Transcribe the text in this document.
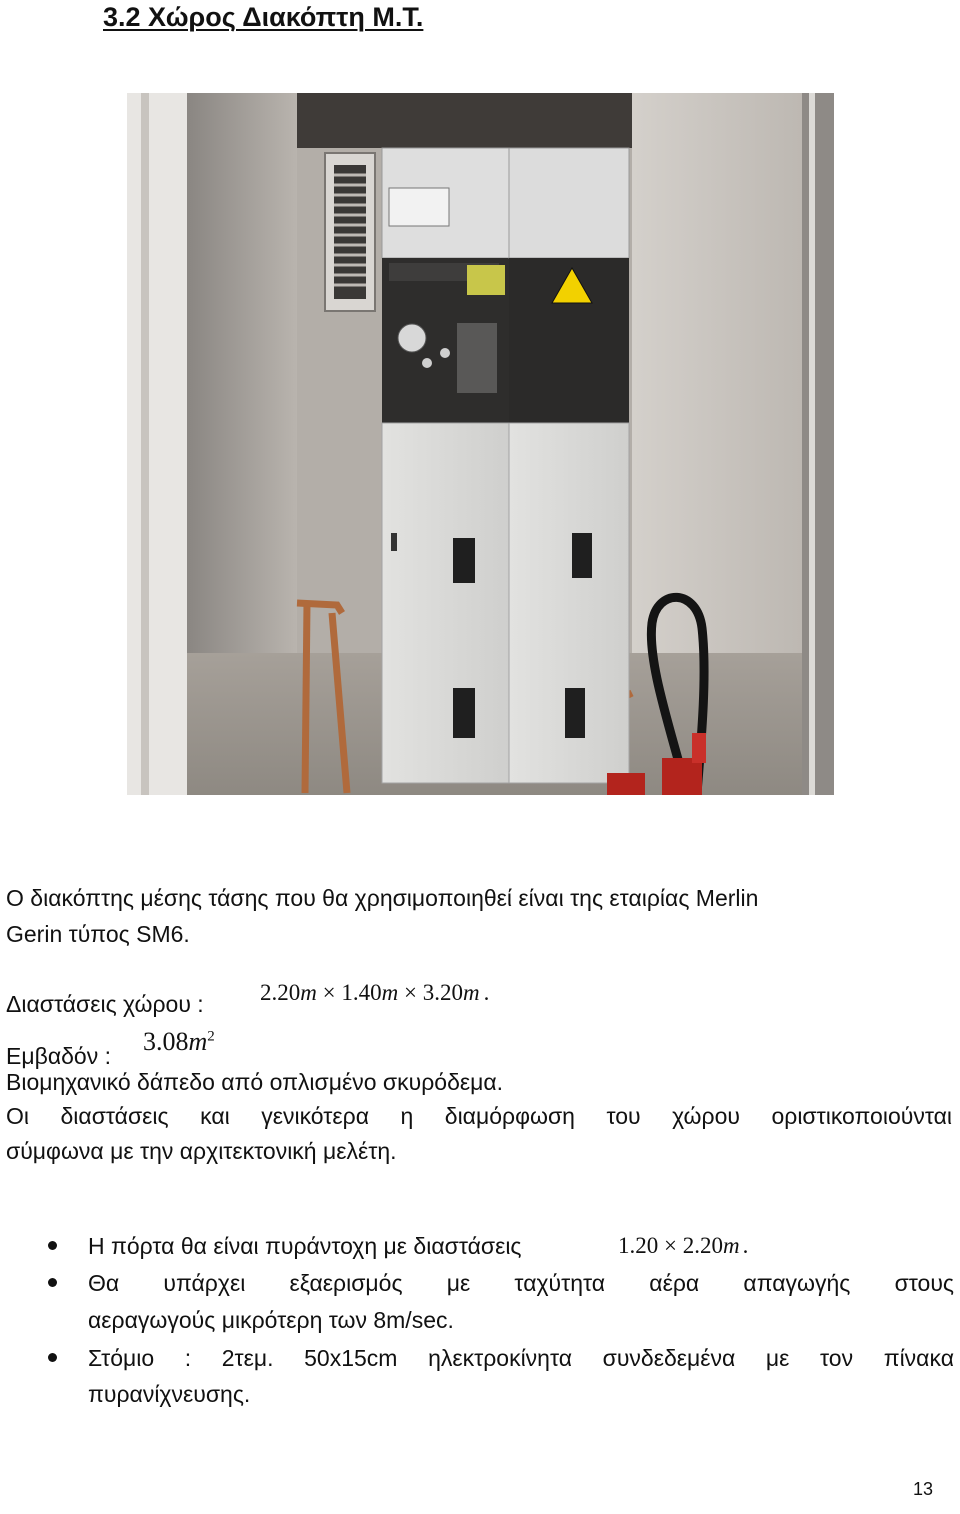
3.2 Χώρος Διακόπτη Μ.Τ.
Ο διακόπτης μέσης τάσης που θα χρησιμοποιηθεί είναι της εταιρίας Merlin
Gerin τύπος SM6.
Διαστάσεις χώρου : 2.20m × 1.40m × 3.20m .
Εμβαδόν : $3.08m^2$
Βιομηχανικό δάπεδο από οπλισμένο σκυρόδεμα.
Οι διαστάσεις και γενικότερα η διαμόρφωση του χώρου οριστικοποιούνται
σύμφωνα με την αρχιτεκτονική μελέτη.
Η πόρτα θα είναι πυράντοχη με διαστάσεις	1.20 × 2.20m .
Θα υπάρχει εξαερισμός με ταχύτητα αέρα απαγωγής στους
αεραγωγούς μικρότερη των 8m/sec.
Στόμιο : 2τεμ. 50x15cm ηλεκτροκίνητα συνδεδεμένα με τον πίνακα
πυρανίχνευσης.
13
